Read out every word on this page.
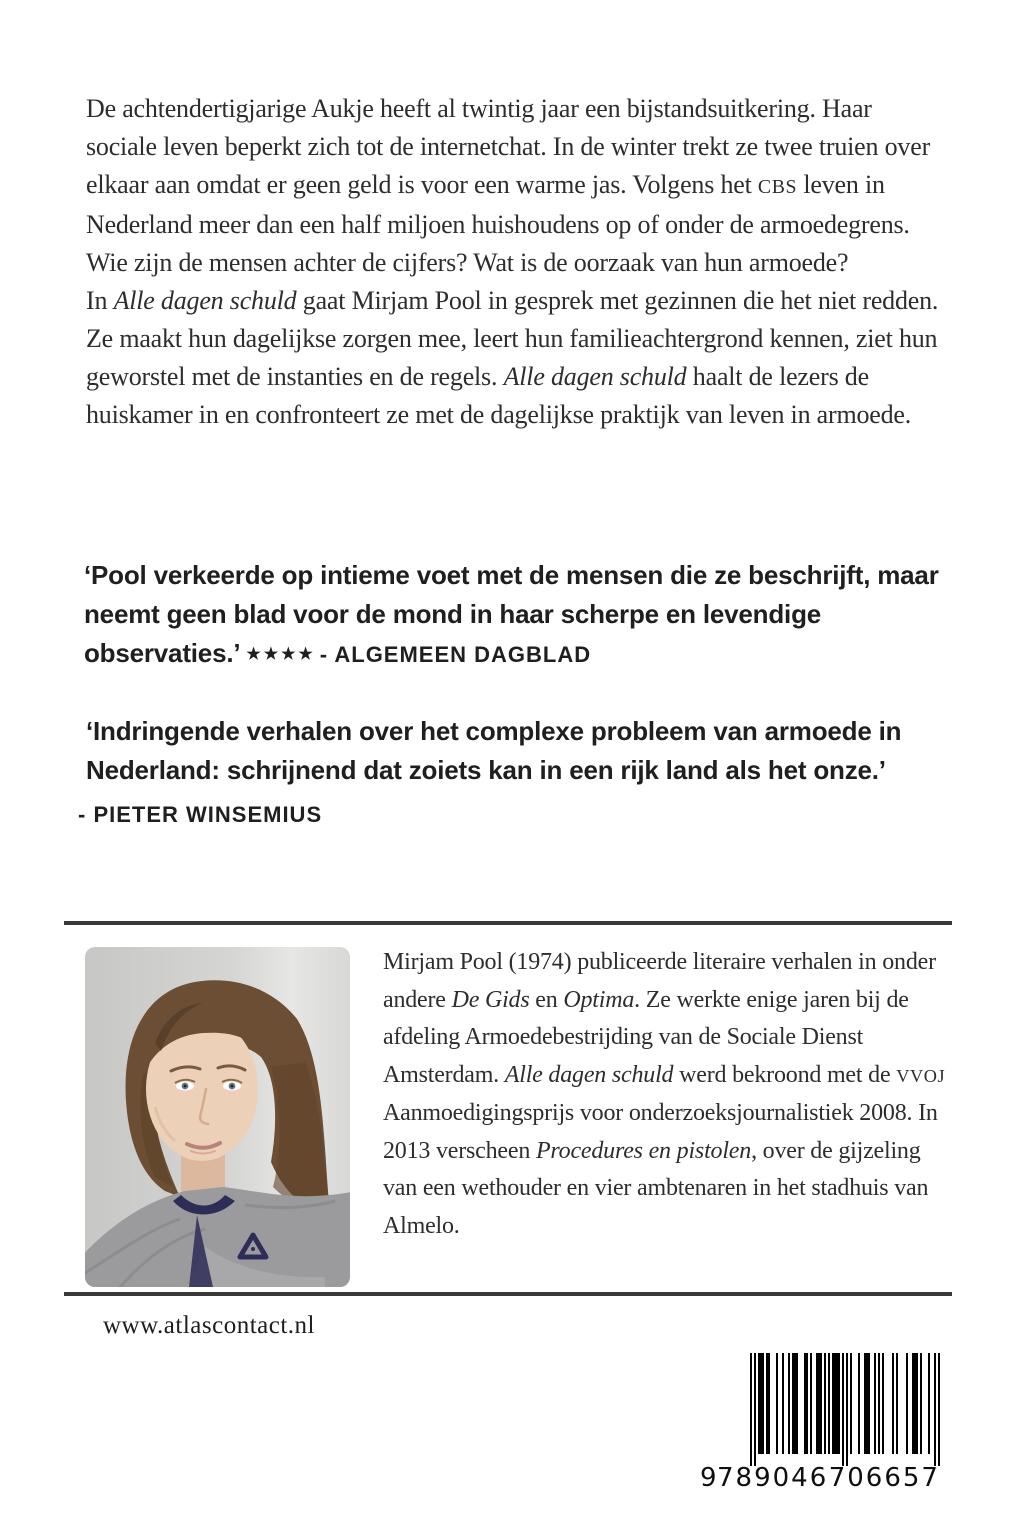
De achtendertigjarige Aukje heeft al twintig jaar een bijstandsuitkering. Haar sociale leven beperkt zich tot de internetchat. In de winter trekt ze twee truien over elkaar aan omdat er geen geld is voor een warme jas. Volgens het CBS leven in Nederland meer dan een half miljoen huishoudens op of onder de armoedegrens. Wie zijn de mensen achter de cijfers? Wat is de oorzaak van hun armoede?
In Alle dagen schuld gaat Mirjam Pool in gesprek met gezinnen die het niet redden. Ze maakt hun dagelijkse zorgen mee, leert hun familieachtergrond kennen, ziet hun geworstel met de instanties en de regels. Alle dagen schuld haalt de lezers de huiskamer in en confronteert ze met de dagelijkse praktijk van leven in armoede.
‘Pool verkeerde op intieme voet met de mensen die ze beschrijft, maar neemt geen blad voor de mond in haar scherpe en levendige observaties.’ ★★★★ - ALGEMEEN DAGBLAD
‘Indringende verhalen over het complexe probleem van armoede in Nederland: schrijnend dat zoiets kan in een rijk land als het onze.’
- PIETER WINSEMIUS
Mirjam Pool (1974) publiceerde literaire verhalen in onder andere De Gids en Optima. Ze werkte enige jaren bij de afdeling Armoedebestrijding van de Sociale Dienst Amsterdam. Alle dagen schuld werd bekroond met de VVOJ Aanmoedigingsprijs voor onderzoeksjournalistiek 2008. In 2013 verscheen Procedures en pistolen, over de gijzeling van een wethouder en vier ambtenaren in het stadhuis van Almelo.
www.atlascontact.nl
9 789046 706657
